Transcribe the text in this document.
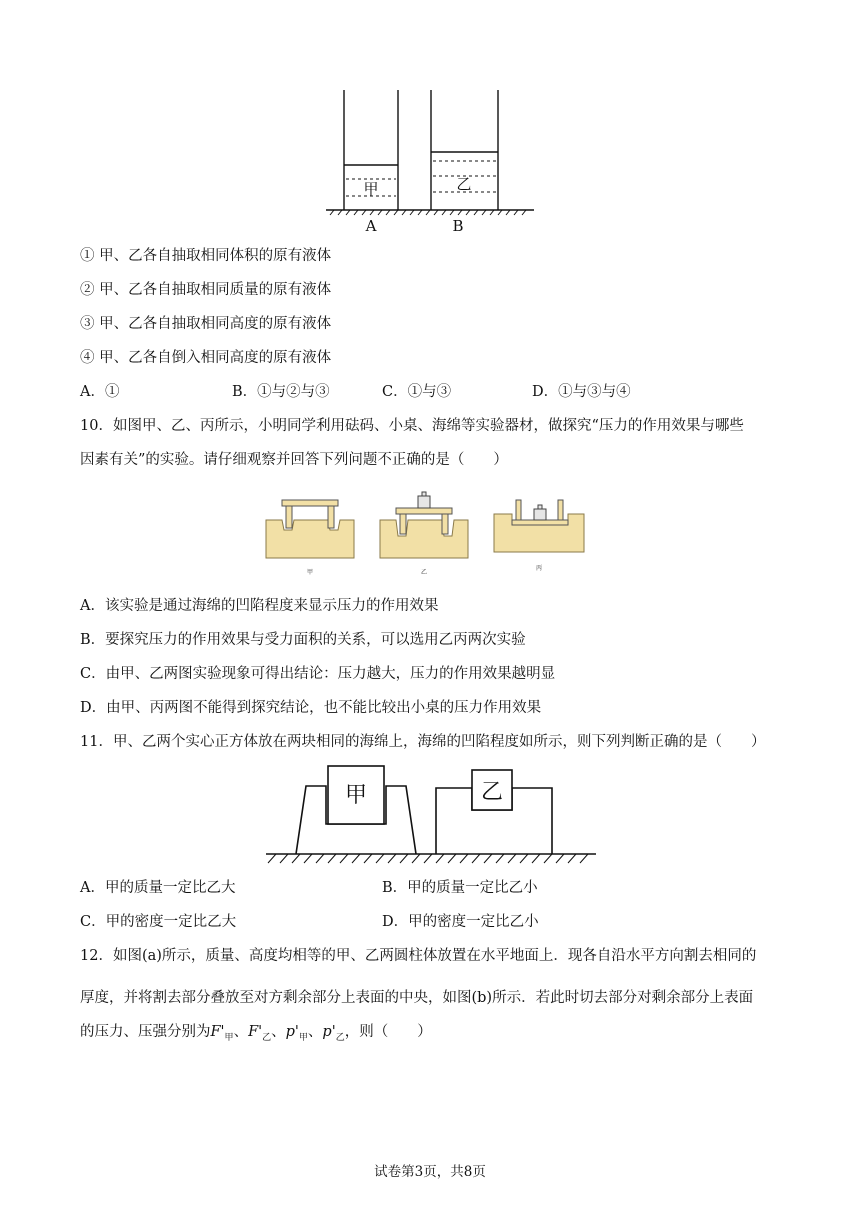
甲	乙
A	B
① 甲、乙各自抽取相同体积的原有液体
② 甲、乙各自抽取相同质量的原有液体
③ 甲、乙各自抽取相同高度的原有液体
④ 甲、乙各自倒入相同高度的原有液体
A．①	B．①与②与③	C．①与③	D．①与③与④
10．如图甲、乙、丙所示，小明同学利用砝码、小桌、海绵等实验器材，做探究“压力的作用效果与哪些
因素有关”的实验。请仔细观察并回答下列问题不正确的是（　　）
甲	乙
丙
A．该实验是通过海绵的凹陷程度来显示压力的作用效果
B．要探究压力的作用效果与受力面积的关系，可以选用乙丙两次实验
C．由甲、乙两图实验现象可得出结论：压力越大，压力的作用效果越明显
D．由甲、丙两图不能得到探究结论，也不能比较出小桌的压力作用效果
11．甲、乙两个实心正方体放在两块相同的海绵上，海绵的凹陷程度如所示，则下列判断正确的是（　　）
甲	乙
A．甲的质量一定比乙大	B．甲的质量一定比乙小
C．甲的密度一定比乙大	D．甲的密度一定比乙小
12．如图(a)所示，质量、高度均相等的甲、乙两圆柱体放置在水平地面上．现各自沿水平方向割去相同的
厚度，并将割去部分叠放至对方剩余部分上表面的中央，如图(b)所示．若此时切去部分对剩余部分上表面
的压力、压强分别为$F'_甲$、$F'_乙$、$p'_甲$、$p'_乙$，则（　　）
试卷第3页，共8页
